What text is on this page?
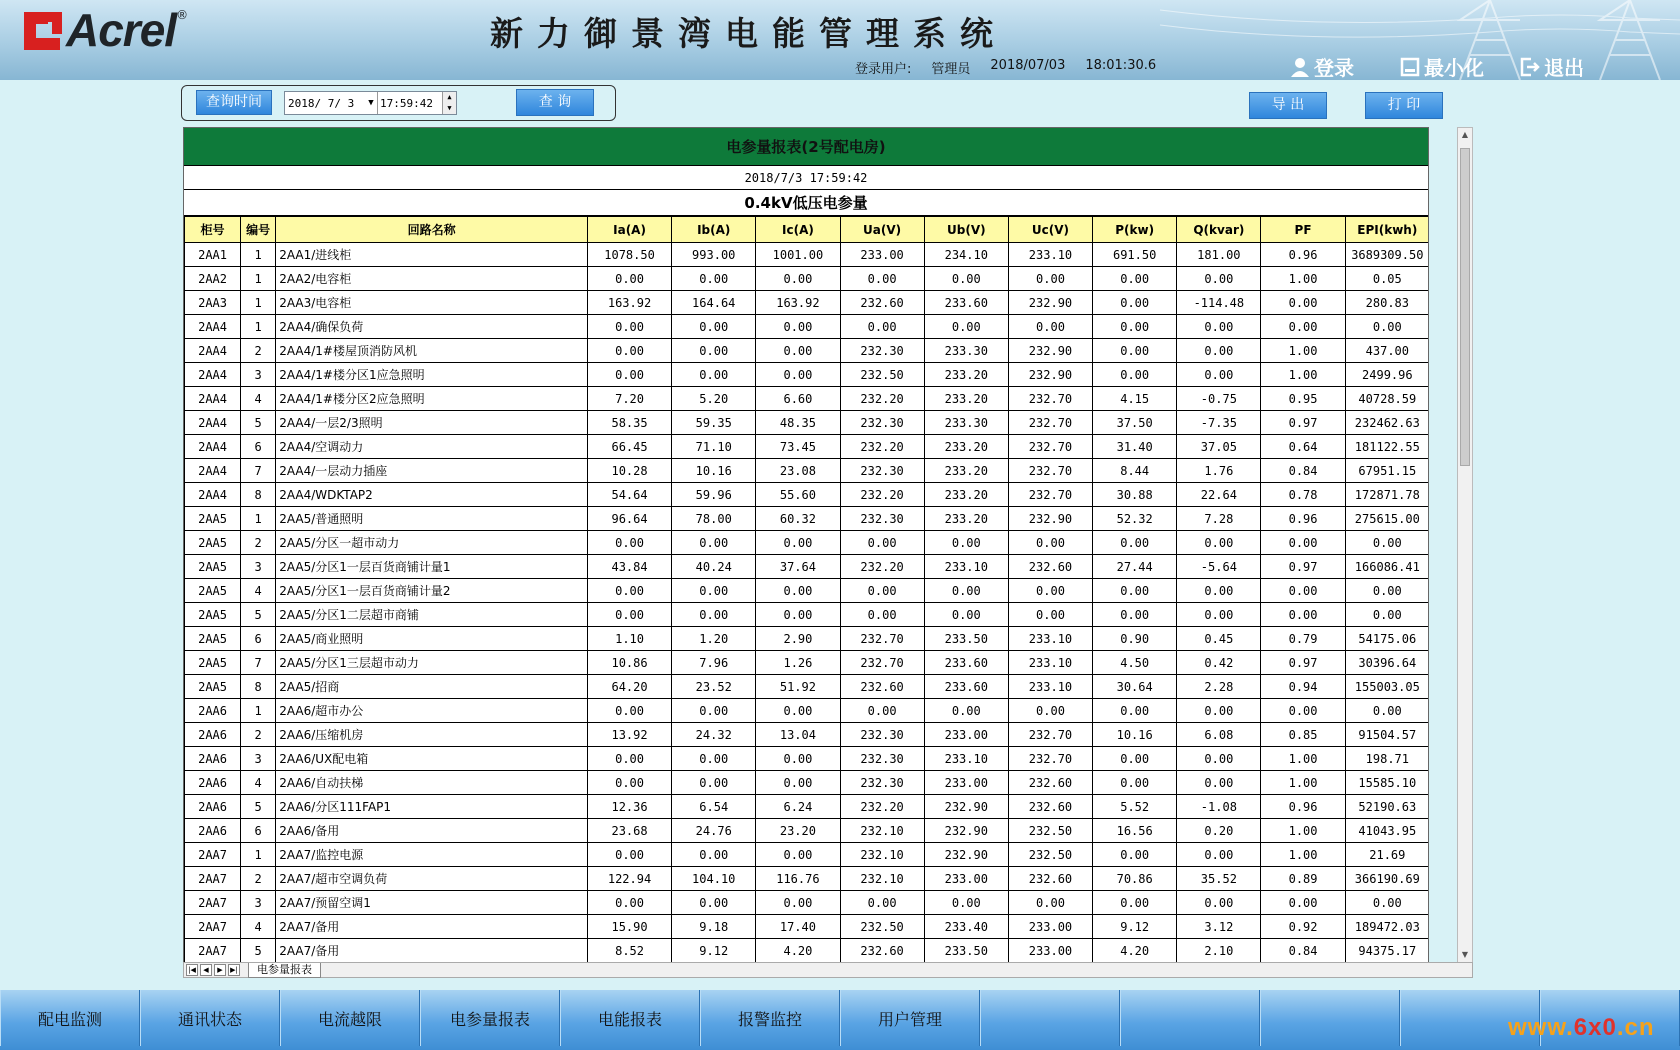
Acrel ®	新力御景湾电能管理系统
登录用户: 管理员 2018/07/03 18:01:30.6	登录	最小化	退出
查询时间	2018/ 7/ 3	▼ 17:59:42	▲
▼	查 询	导 出	打 印
电参量报表(2号配电房)
2018/7/3 17:59:42
0.4kV低压电参量
柜号	编号	回路名称	Ia(A)	Ib(A)	Ic(A)	Ua(V)	Ub(V)	Uc(V)	P(kw)	Q(kvar)	PF	EPI(kwh)
2AA1	1	2AA1/进线柜	1078.50	993.00	1001.00	233.00	234.10	233.10	691.50	181.00	0.96	3689309.50
2AA2	1	2AA2/电容柜	0.00	0.00	0.00	0.00	0.00	0.00	0.00	0.00	1.00	0.05
2AA3	1	2AA3/电容柜	163.92	164.64	163.92	232.60	233.60	232.90	0.00	-114.48	0.00	280.83
2AA4	1	2AA4/确保负荷	0.00	0.00	0.00	0.00	0.00	0.00	0.00	0.00	0.00	0.00
2AA4	2	2AA4/1#楼屋顶消防风机	0.00	0.00	0.00	232.30	233.30	232.90	0.00	0.00	1.00	437.00
2AA4	3	2AA4/1#楼分区1应急照明	0.00	0.00	0.00	232.50	233.20	232.90	0.00	0.00	1.00	2499.96
2AA4	4	2AA4/1#楼分区2应急照明	7.20	5.20	6.60	232.20	233.20	232.70	4.15	-0.75	0.95	40728.59
2AA4	5	2AA4/一层2/3照明	58.35	59.35	48.35	232.30	233.30	232.70	37.50	-7.35	0.97	232462.63
2AA4	6	2AA4/空调动力	66.45	71.10	73.45	232.20	233.20	232.70	31.40	37.05	0.64	181122.55
2AA4	7	2AA4/一层动力插座	10.28	10.16	23.08	232.30	233.20	232.70	8.44	1.76	0.84	67951.15
2AA4	8	2AA4/WDKTAP2	54.64	59.96	55.60	232.20	233.20	232.70	30.88	22.64	0.78	172871.78
2AA5	1	2AA5/普通照明	96.64	78.00	60.32	232.30	233.20	232.90	52.32	7.28	0.96	275615.00
2AA5	2	2AA5/分区一超市动力	0.00	0.00	0.00	0.00	0.00	0.00	0.00	0.00	0.00	0.00
2AA5	3	2AA5/分区1一层百货商铺计量1	43.84	40.24	37.64	232.20	233.10	232.60	27.44	-5.64	0.97	166086.41
2AA5	4	2AA5/分区1一层百货商铺计量2	0.00	0.00	0.00	0.00	0.00	0.00	0.00	0.00	0.00	0.00
2AA5	5	2AA5/分区1二层超市商铺	0.00	0.00	0.00	0.00	0.00	0.00	0.00	0.00	0.00	0.00
2AA5	6	2AA5/商业照明	1.10	1.20	2.90	232.70	233.50	233.10	0.90	0.45	0.79	54175.06
2AA5	7	2AA5/分区1三层超市动力	10.86	7.96	1.26	232.70	233.60	233.10	4.50	0.42	0.97	30396.64
2AA5	8	2AA5/招商	64.20	23.52	51.92	232.60	233.60	233.10	30.64	2.28	0.94	155003.05
2AA6	1	2AA6/超市办公	0.00	0.00	0.00	0.00	0.00	0.00	0.00	0.00	0.00	0.00
2AA6	2	2AA6/压缩机房	13.92	24.32	13.04	232.30	233.00	232.70	10.16	6.08	0.85	91504.57
2AA6	3	2AA6/UX配电箱	0.00	0.00	0.00	232.30	233.10	232.70	0.00	0.00	1.00	198.71
2AA6	4	2AA6/自动扶梯	0.00	0.00	0.00	232.30	233.00	232.60	0.00	0.00	1.00	15585.10
2AA6	5	2AA6/分区111FAP1	12.36	6.54	6.24	232.20	232.90	232.60	5.52	-1.08	0.96	52190.63
2AA6	6	2AA6/备用	23.68	24.76	23.20	232.10	232.90	232.50	16.56	0.20	1.00	41043.95
2AA7	1	2AA7/监控电源	0.00	0.00	0.00	232.10	232.90	232.50	0.00	0.00	1.00	21.69
2AA7	2	2AA7/超市空调负荷	122.94	104.10	116.76	232.10	233.00	232.60	70.86	35.52	0.89	366190.69
2AA7	3	2AA7/预留空调1	0.00	0.00	0.00	0.00	0.00	0.00	0.00	0.00	0.00	0.00
2AA7	4	2AA7/备用	15.90	9.18	17.40	232.50	233.40	233.00	9.12	3.12	0.92	189472.03
2AA7	5	2AA7/备用	8.52	9.12	4.20	232.60	233.50	233.00	4.20	2.10	0.84	94375.17
▲
▼
|◀	◀	▶	▶|	电参量报表
配电监测	通讯状态	电流越限	电参量报表	电能报表	报警监控	用户管理	www.6x0.cn
